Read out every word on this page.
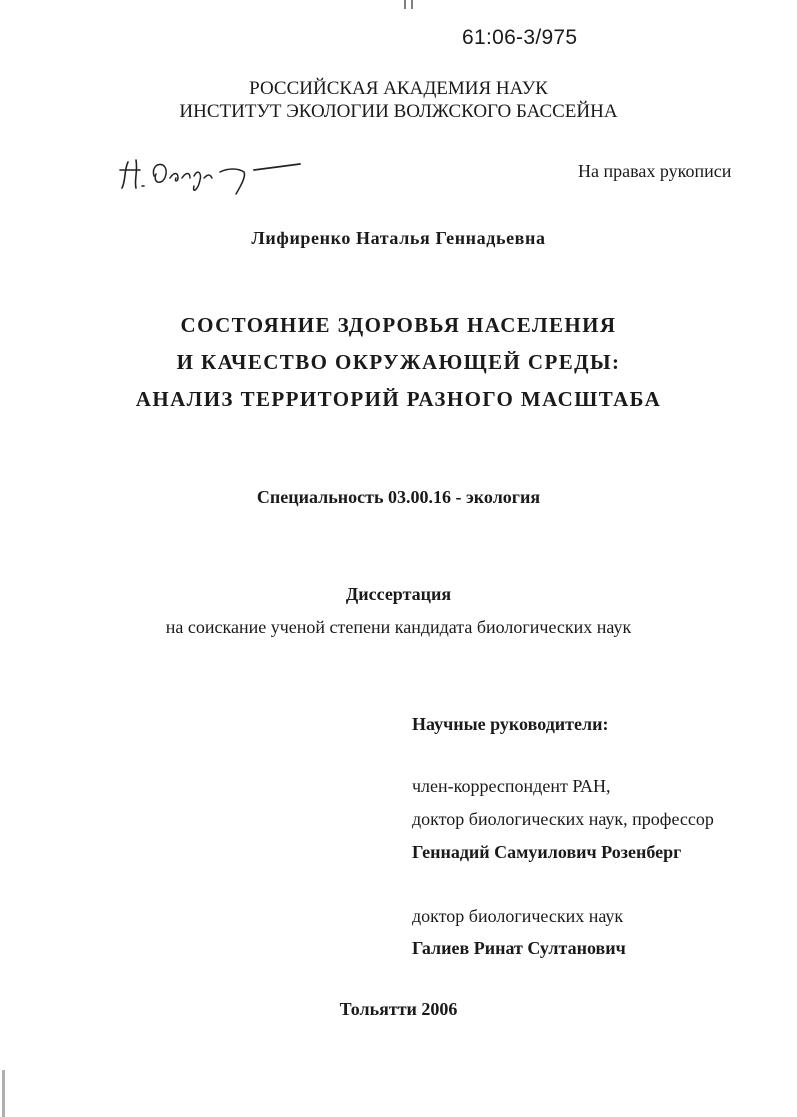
61:06-3/975
РОССИЙСКАЯ АКАДЕМИЯ НАУК
ИНСТИТУТ ЭКОЛОГИИ ВОЛЖСКОГО БАССЕЙНА
На правах рукописи
Лифиренко Наталья Геннадьевна
СОСТОЯНИЕ ЗДОРОВЬЯ НАСЕЛЕНИЯ
И КАЧЕСТВО ОКРУЖАЮЩЕЙ СРЕДЫ:
АНАЛИЗ ТЕРРИТОРИЙ РАЗНОГО МАСШТАБА
Специальность 03.00.16 - экология
Диссертация
на соискание ученой степени кандидата биологических наук
Научные руководители:
член-корреспондент РАН,
доктор биологических наук, профессор
Геннадий Самуилович Розенберг
доктор биологических наук
Галиев Ринат Султанович
Тольятти 2006
